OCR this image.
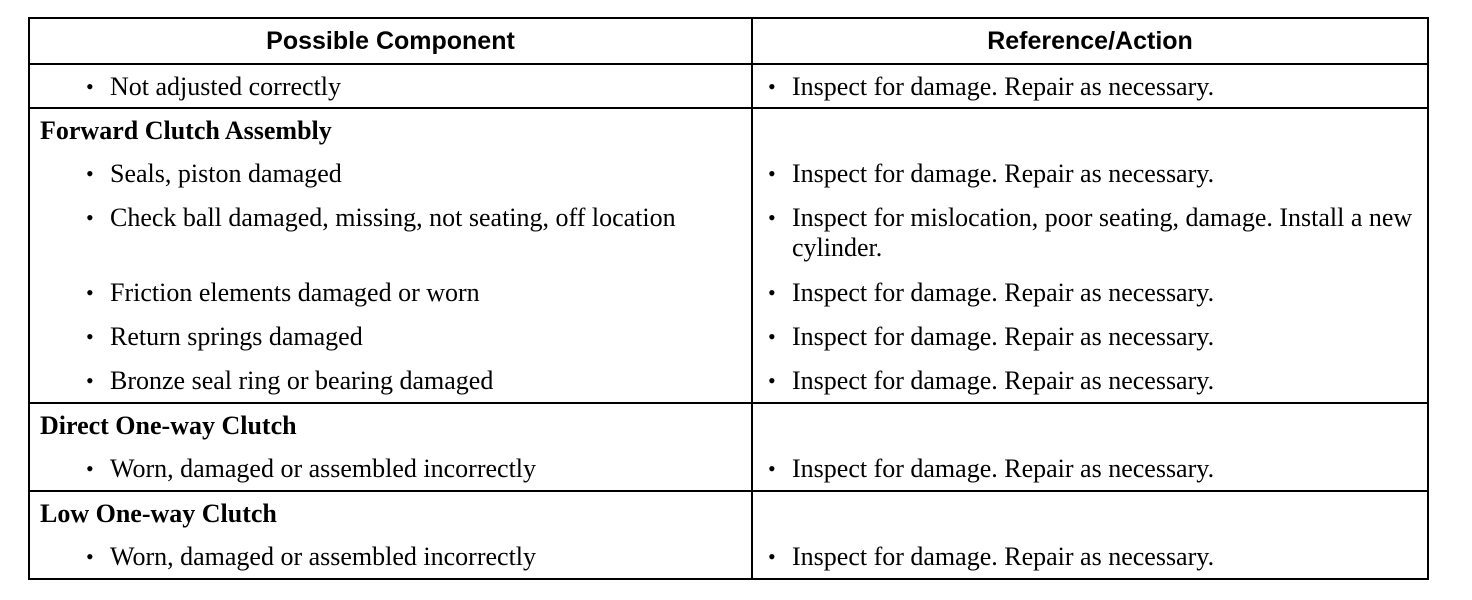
Possible Component	Reference/Action

• Not adjusted correctly	• Inspect for damage. Repair as necessary.

Forward Clutch Assembly	

• Seals, piston damaged	• Inspect for damage. Repair as necessary.

• Check ball damaged, missing, not seating, off location	• Inspect for mislocation, poor seating, damage. Install a new cylinder.

• Friction elements damaged or worn	• Inspect for damage. Repair as necessary.

• Return springs damaged	• Inspect for damage. Repair as necessary.

• Bronze seal ring or bearing damaged	• Inspect for damage. Repair as necessary.

Direct One-way Clutch	

• Worn, damaged or assembled incorrectly	• Inspect for damage. Repair as necessary.

Low One-way Clutch	

• Worn, damaged or assembled incorrectly	• Inspect for damage. Repair as necessary.
